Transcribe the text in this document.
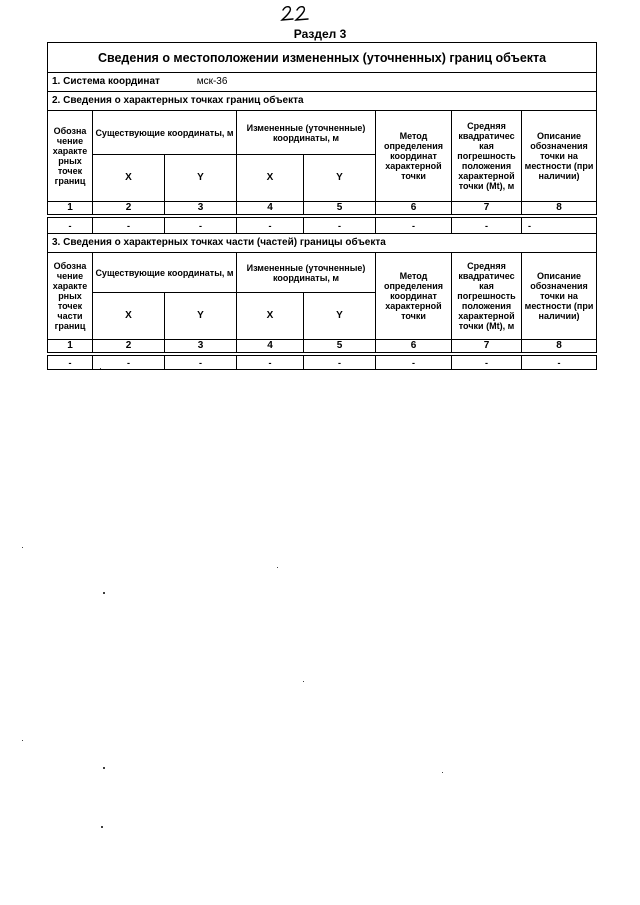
Раздел 3
Сведения о местоположении измененных (уточненных) границ объекта							
1. Система координат мск-36							
2. Сведения о характерных точках границ объекта							
Обозна чение характе рных точек границ	Существующие координаты, м		Измененные (уточненные) координаты, м		Метод определения координат характерной точки	Средняя квадратичес кая погрешность положения характерной точки (Mt), м	Описание обозначения точки на местности (при наличии)
	X	Y	X	Y			
1	2	3	4	5	6	7	8

-	-	-	-	-	-	-	-
3. Сведения о характерных точках части (частей) границы объекта							
Обозна чение характе рных точек части границ	Существующие координаты, м		Измененные (уточненные) координаты, м		Метод определения координат характерной точки	Средняя квадратичес кая погрешность положения характерной точки (Mt), м	Описание обозначения точки на местности (при наличии)
	X	Y	X	Y			
1	2	3	4	5	6	7	8

-	-	-	-	-	-	-	-
